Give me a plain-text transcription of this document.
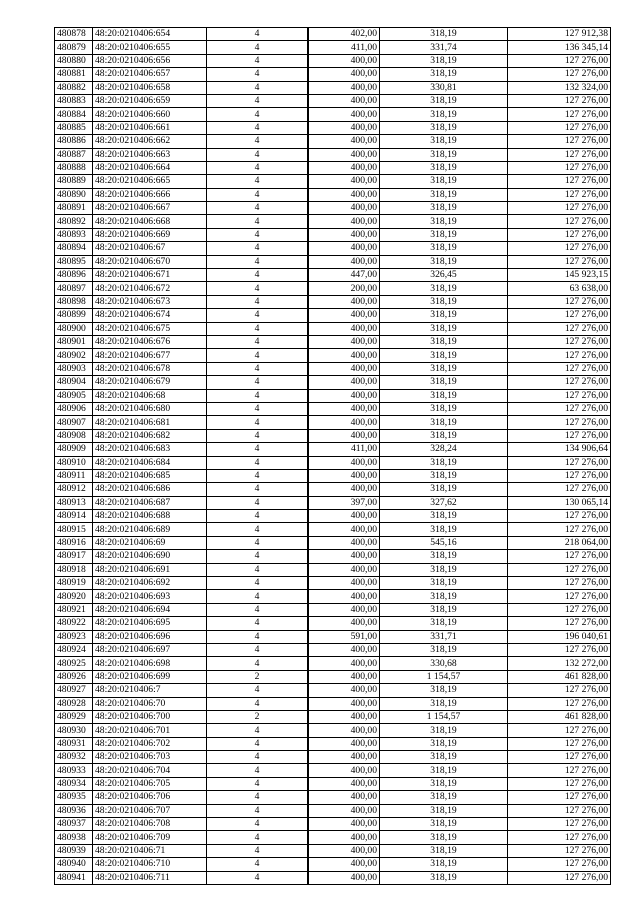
480878	48:20:0210406:654	4	402,00	318,19	127 912,38
480879	48:20:0210406:655	4	411,00	331,74	136 345,14
480880	48:20:0210406:656	4	400,00	318,19	127 276,00
480881	48:20:0210406:657	4	400,00	318,19	127 276,00
480882	48:20:0210406:658	4	400,00	330,81	132 324,00
480883	48:20:0210406:659	4	400,00	318,19	127 276,00
480884	48:20:0210406:660	4	400,00	318,19	127 276,00
480885	48:20:0210406:661	4	400,00	318,19	127 276,00
480886	48:20:0210406:662	4	400,00	318,19	127 276,00
480887	48:20:0210406:663	4	400,00	318,19	127 276,00
480888	48:20:0210406:664	4	400,00	318,19	127 276,00
480889	48:20:0210406:665	4	400,00	318,19	127 276,00
480890	48:20:0210406:666	4	400,00	318,19	127 276,00
480891	48:20:0210406:667	4	400,00	318,19	127 276,00
480892	48:20:0210406:668	4	400,00	318,19	127 276,00
480893	48:20:0210406:669	4	400,00	318,19	127 276,00
480894	48:20:0210406:67	4	400,00	318,19	127 276,00
480895	48:20:0210406:670	4	400,00	318,19	127 276,00
480896	48:20:0210406:671	4	447,00	326,45	145 923,15
480897	48:20:0210406:672	4	200,00	318,19	63 638,00
480898	48:20:0210406:673	4	400,00	318,19	127 276,00
480899	48:20:0210406:674	4	400,00	318,19	127 276,00
480900	48:20:0210406:675	4	400,00	318,19	127 276,00
480901	48:20:0210406:676	4	400,00	318,19	127 276,00
480902	48:20:0210406:677	4	400,00	318,19	127 276,00
480903	48:20:0210406:678	4	400,00	318,19	127 276,00
480904	48:20:0210406:679	4	400,00	318,19	127 276,00
480905	48:20:0210406:68	4	400,00	318,19	127 276,00
480906	48:20:0210406:680	4	400,00	318,19	127 276,00
480907	48:20:0210406:681	4	400,00	318,19	127 276,00
480908	48:20:0210406:682	4	400,00	318,19	127 276,00
480909	48:20:0210406:683	4	411,00	328,24	134 906,64
480910	48:20:0210406:684	4	400,00	318,19	127 276,00
480911	48:20:0210406:685	4	400,00	318,19	127 276,00
480912	48:20:0210406:686	4	400,00	318,19	127 276,00
480913	48:20:0210406:687	4	397,00	327,62	130 065,14
480914	48:20:0210406:688	4	400,00	318,19	127 276,00
480915	48:20:0210406:689	4	400,00	318,19	127 276,00
480916	48:20:0210406:69	4	400,00	545,16	218 064,00
480917	48:20:0210406:690	4	400,00	318,19	127 276,00
480918	48:20:0210406:691	4	400,00	318,19	127 276,00
480919	48:20:0210406:692	4	400,00	318,19	127 276,00
480920	48:20:0210406:693	4	400,00	318,19	127 276,00
480921	48:20:0210406:694	4	400,00	318,19	127 276,00
480922	48:20:0210406:695	4	400,00	318,19	127 276,00
480923	48:20:0210406:696	4	591,00	331,71	196 040,61
480924	48:20:0210406:697	4	400,00	318,19	127 276,00
480925	48:20:0210406:698	4	400,00	330,68	132 272,00
480926	48:20:0210406:699	2	400,00	1 154,57	461 828,00
480927	48:20:0210406:7	4	400,00	318,19	127 276,00
480928	48:20:0210406:70	4	400,00	318,19	127 276,00
480929	48:20:0210406:700	2	400,00	1 154,57	461 828,00
480930	48:20:0210406:701	4	400,00	318,19	127 276,00
480931	48:20:0210406:702	4	400,00	318,19	127 276,00
480932	48:20:0210406:703	4	400,00	318,19	127 276,00
480933	48:20:0210406:704	4	400,00	318,19	127 276,00
480934	48:20:0210406:705	4	400,00	318,19	127 276,00
480935	48:20:0210406:706	4	400,00	318,19	127 276,00
480936	48:20:0210406:707	4	400,00	318,19	127 276,00
480937	48:20:0210406:708	4	400,00	318,19	127 276,00
480938	48:20:0210406:709	4	400,00	318,19	127 276,00
480939	48:20:0210406:71	4	400,00	318,19	127 276,00
480940	48:20:0210406:710	4	400,00	318,19	127 276,00
480941	48:20:0210406:711	4	400,00	318,19	127 276,00
